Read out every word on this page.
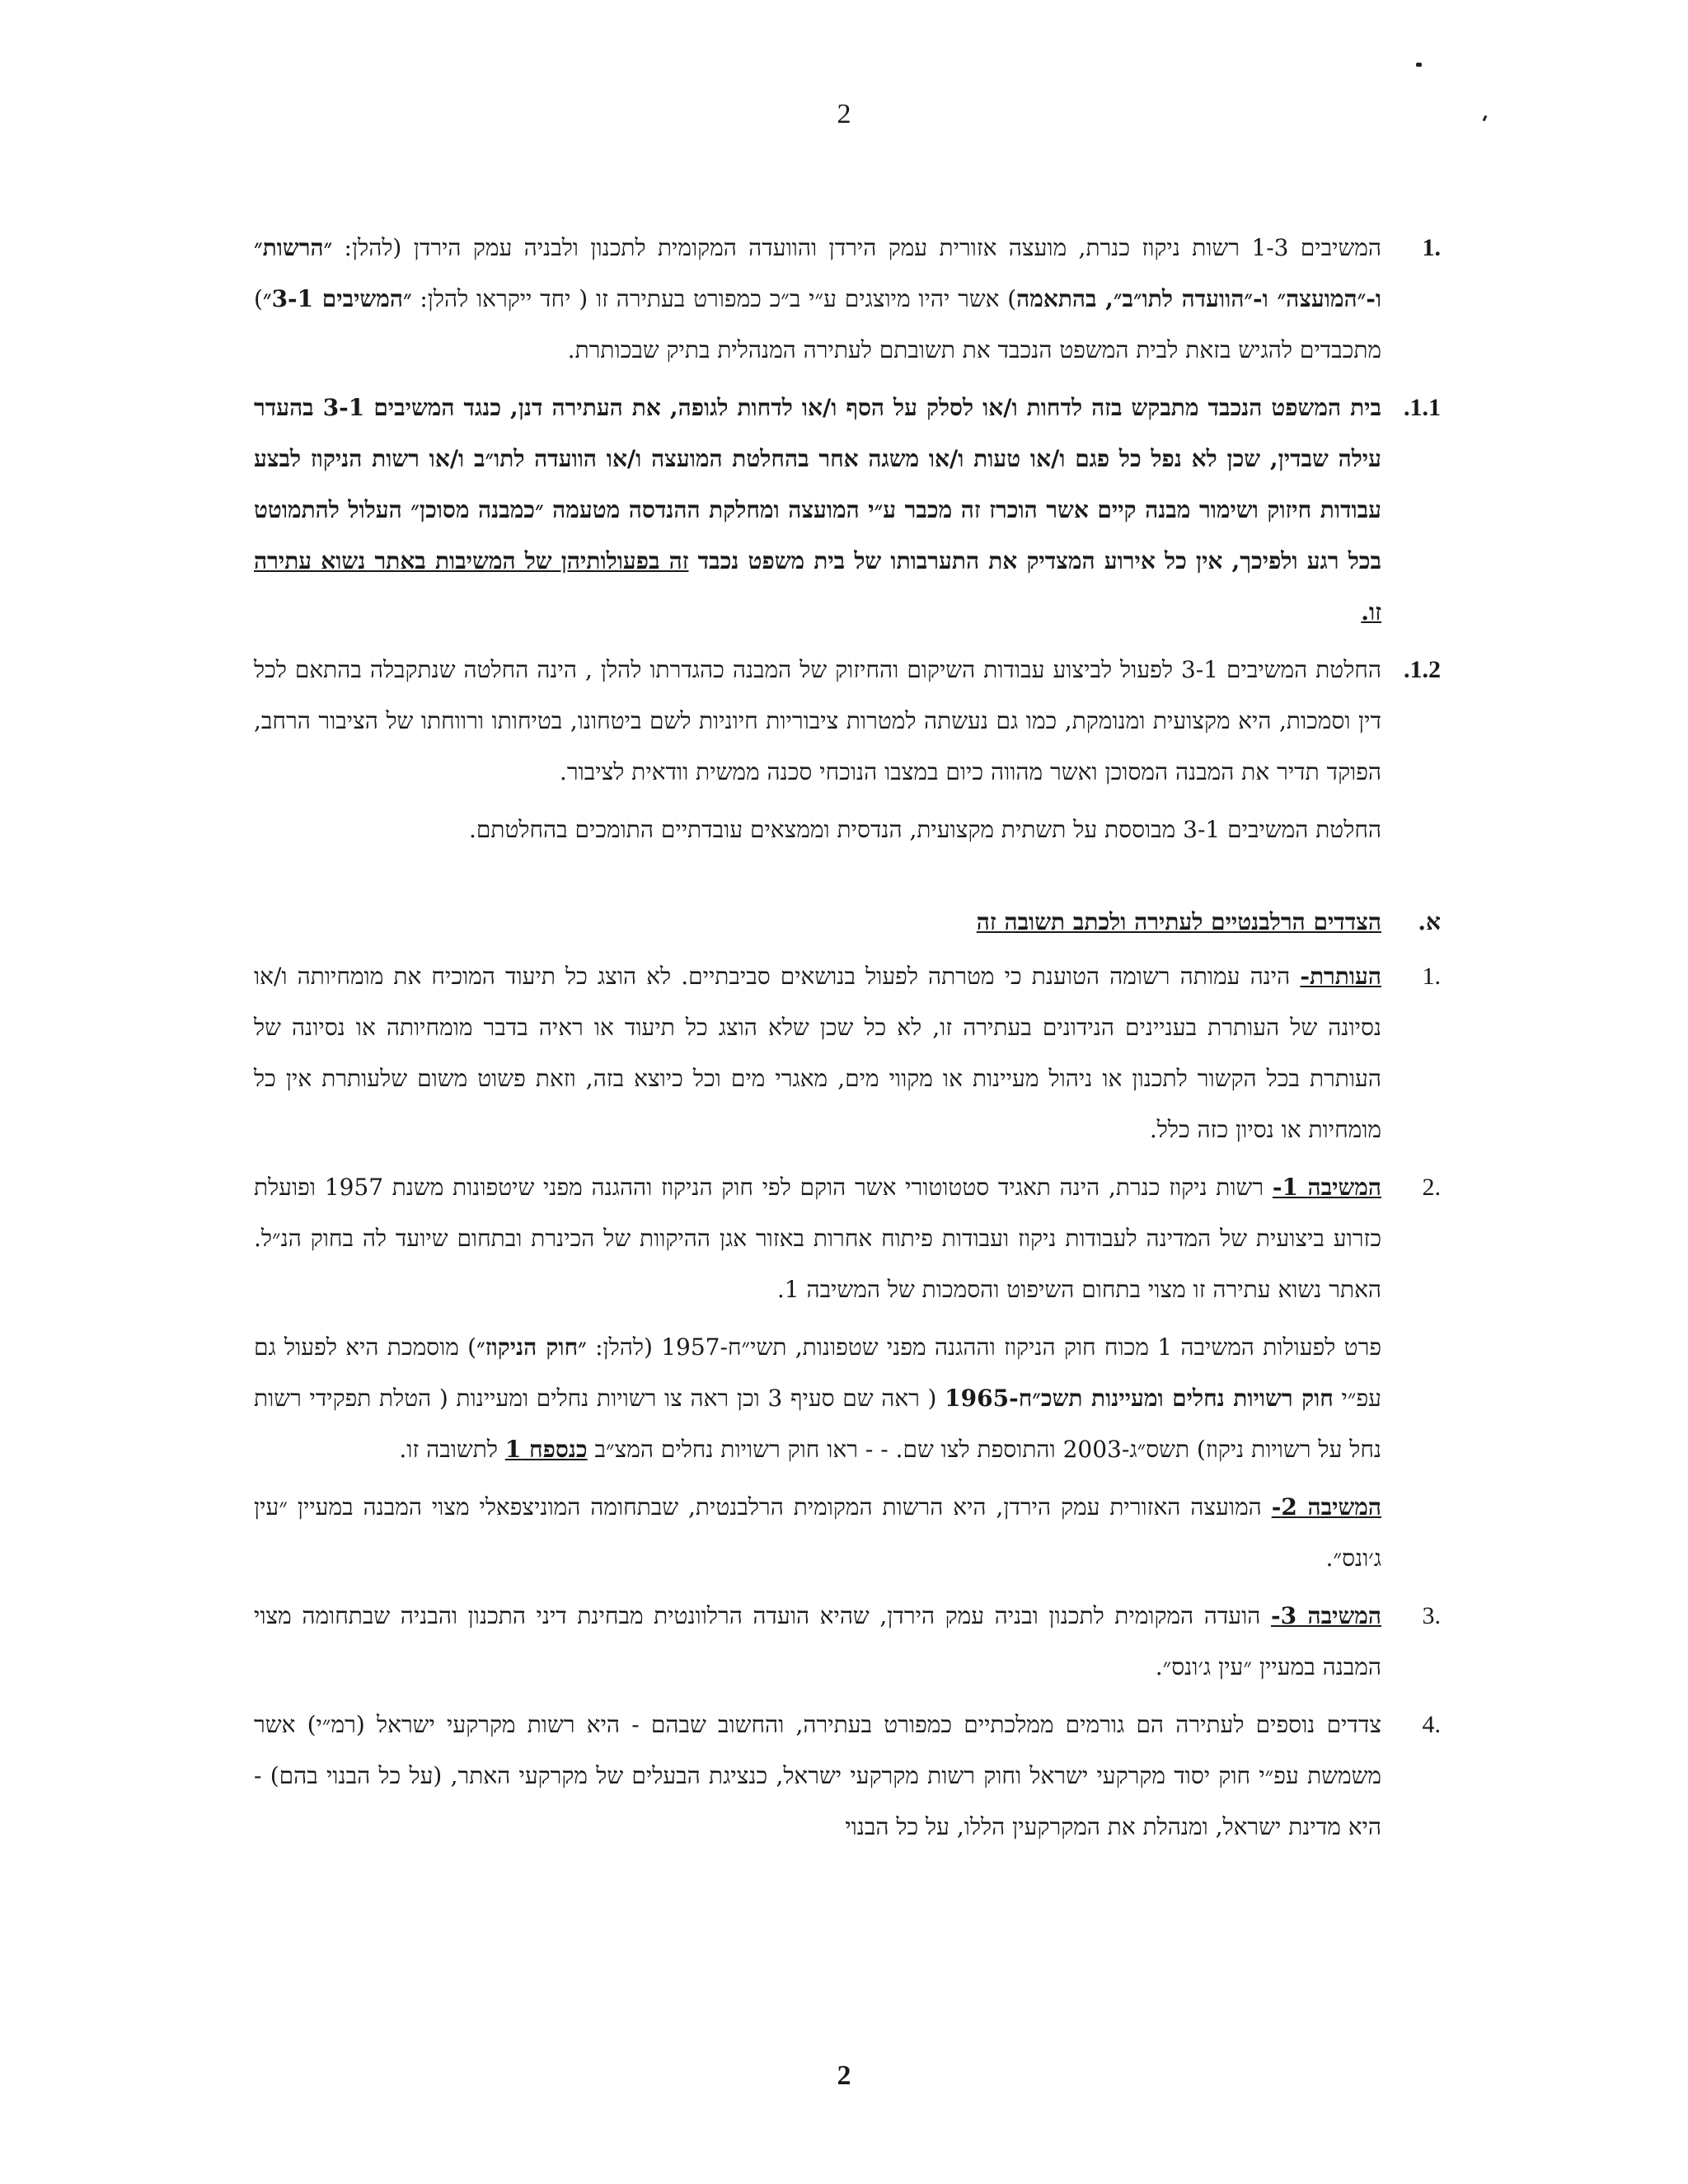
2
.1
המשיבים 1-3 רשות ניקוז כנרת, מועצה אזורית עמק הירדן והוועדה המקומית לתכנון ולבניה עמק הירדן (להלן: ״הרשות״ ו-״המועצה״ ו-״הוועדה לתו״ב״, בהתאמה) אשר יהיו מיוצגים ע״י ב״כ כמפורט בעתירה זו ( יחד ייקראו להלן: ״המשיבים 3-1״) מתכבדים להגיש בזאת לבית המשפט הנכבד את תשובתם לעתירה המנהלית בתיק שבכותרת.
1.1.
בית המשפט הנכבד מתבקש בזה לדחות ו/או לסלק על הסף ו/או לדחות לגופה, את העתירה דנן, כנגד המשיבים 3-1 בהעדר עילה שבדין, שכן לא נפל כל פגם ו/או טעות ו/או משגה אחר בהחלטת המועצה ו/או הוועדה לתו״ב ו/או רשות הניקוז לבצע עבודות חיזוק ושימור מבנה קיים אשר הוכרז זה מכבר ע״י המועצה ומחלקת ההנדסה מטעמה ״כמבנה מסוכן״ העלול להתמוטט בכל רגע ולפיכך, אין כל אירוע המצדיק את התערבותו של בית משפט נכבד זה בפעולותיהן של המשיבות באתר נשוא עתירה זו.
1.2.
החלטת המשיבים 3-1 לפעול לביצוע עבודות השיקום והחיזוק של המבנה כהגדרתו להלן , הינה החלטה שנתקבלה בהתאם לכל דין וסמכות, היא מקצועית ומנומקת, כמו גם נעשתה למטרות ציבוריות חיוניות לשם ביטחונו, בטיחותו ורווחתו של הציבור הרחב, הפוקד תדיר את המבנה המסוכן ואשר מהווה כיום במצבו הנוכחי סכנה ממשית וודאית לציבור.
החלטת המשיבים 3-1 מבוססת על תשתית מקצועית, הנדסית וממצאים עובדתיים התומכים בהחלטתם.
א.
הצדדים הרלבנטיים לעתירה ולכתב תשובה זה
.1
העותרת- הינה עמותה רשומה הטוענת כי מטרתה לפעול בנושאים סביבתיים. לא הוצג כל תיעוד המוכיח את מומחיותה ו/או נסיונה של העותרת בעניינים הנידונים בעתירה זו, לא כל שכן שלא הוצג כל תיעוד או ראיה בדבר מומחיותה או נסיונה של העותרת בכל הקשור לתכנון או ניהול מעיינות או מקווי מים, מאגרי מים וכל כיוצא בזה, וזאת פשוט משום שלעותרת אין כל מומחיות או נסיון כזה כלל.
.2
המשיבה 1- רשות ניקוז כנרת, הינה תאגיד סטטוטורי אשר הוקם לפי חוק הניקוז וההגנה מפני שיטפונות משנת 1957 ופועלת כזרוע ביצועית של המדינה לעבודות ניקוז ועבודות פיתוח אחרות באזור אגן ההיקוות של הכינרת ובתחום שיועד לה בחוק הנ״ל. האתר נשוא עתירה זו מצוי בתחום השיפוט והסמכות של המשיבה 1.
פרט לפעולות המשיבה 1 מכוח חוק הניקוז וההגנה מפני שטפונות, תשי״ח-1957 (להלן: ״חוק הניקוז״) מוסמכת היא לפעול גם עפ״י חוק רשויות נחלים ומעיינות תשכ״ח-1965 ( ראה שם סעיף 3 וכן ראה צו רשויות נחלים ומעיינות ( הטלת תפקידי רשות נחל על רשויות ניקוז) תשס״ג-2003 והתוספת לצו שם. - - ראו חוק רשויות נחלים המצ״ב כנספח 1 לתשובה זו.
המשיבה 2- המועצה האזורית עמק הירדן, היא הרשות המקומית הרלבנטית, שבתחומה המוניצפאלי מצוי המבנה במעיין ״עין ג׳ונס״.
.3
המשיבה 3- הועדה המקומית לתכנון ובניה עמק הירדן, שהיא הועדה הרלוונטית מבחינת דיני התכנון והבניה שבתחומה מצוי המבנה במעיין ״עין ג׳ונס״.
.4
צדדים נוספים לעתירה הם גורמים ממלכתיים כמפורט בעתירה, והחשוב שבהם - היא רשות מקרקעי ישראל (רמ״י) אשר משמשת עפ״י חוק יסוד מקרקעי ישראל וחוק רשות מקרקעי ישראל, כנציגת הבעלים של מקרקעי האתר, (על כל הבנוי בהם) - היא מדינת ישראל, ומנהלת את המקרקעין הללו, על כל הבנוי
2
